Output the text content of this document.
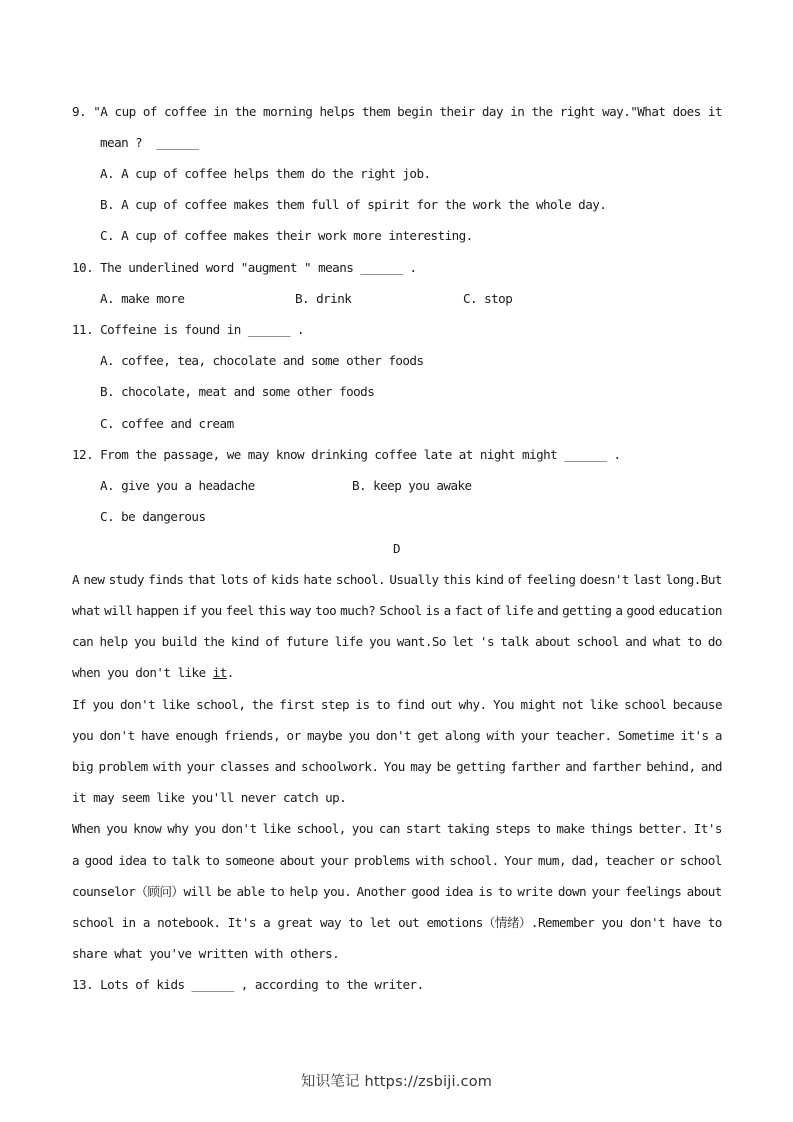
9. "A cup of coffee in the morning helps them begin their day in the right way."What does it
mean ?  ______
A. A cup of coffee helps them do the right job.
B. A cup of coffee makes them full of spirit for the work the whole day.
C. A cup of coffee makes their work more interesting.
10. The underlined word "augment " means ______ .
A. make more	B. drink	C. stop
11. Coffeine is found in ______ .
A. coffee, tea, chocolate and some other foods
B. chocolate, meat and some other foods
C. coffee and cream
12. From the passage, we may know drinking coffee late at night might ______ .
A. give you a headache	B. keep you awake
C. be dangerous
D
A new study finds that lots of kids hate school. Usually this kind of feeling doesn't last long.But
what will happen if you feel this way too much? School is a fact of life and getting a good education
can help you build the kind of future life you want.So let 's talk about school and what to do
when you don't like it.
If you don't like school, the first step is to find out why. You might not like school because
you don't have enough friends, or maybe you don't get along with your teacher. Sometime it's a
big problem with your classes and schoolwork. You may be getting farther and farther behind, and
it may seem like you'll never catch up.
When you know why you don't like school, you can start taking steps to make things better. It's
a good idea to talk to someone about your problems with school. Your mum, dad, teacher or school
counselor（顾问）will be able to help you. Another good idea is to write down your feelings about
school in a notebook. It's a great way to let out emotions（情绪）.Remember you don't have to
share what you've written with others.
13. Lots of kids ______ , according to the writer.
知识笔记 https://zsbiji.com
